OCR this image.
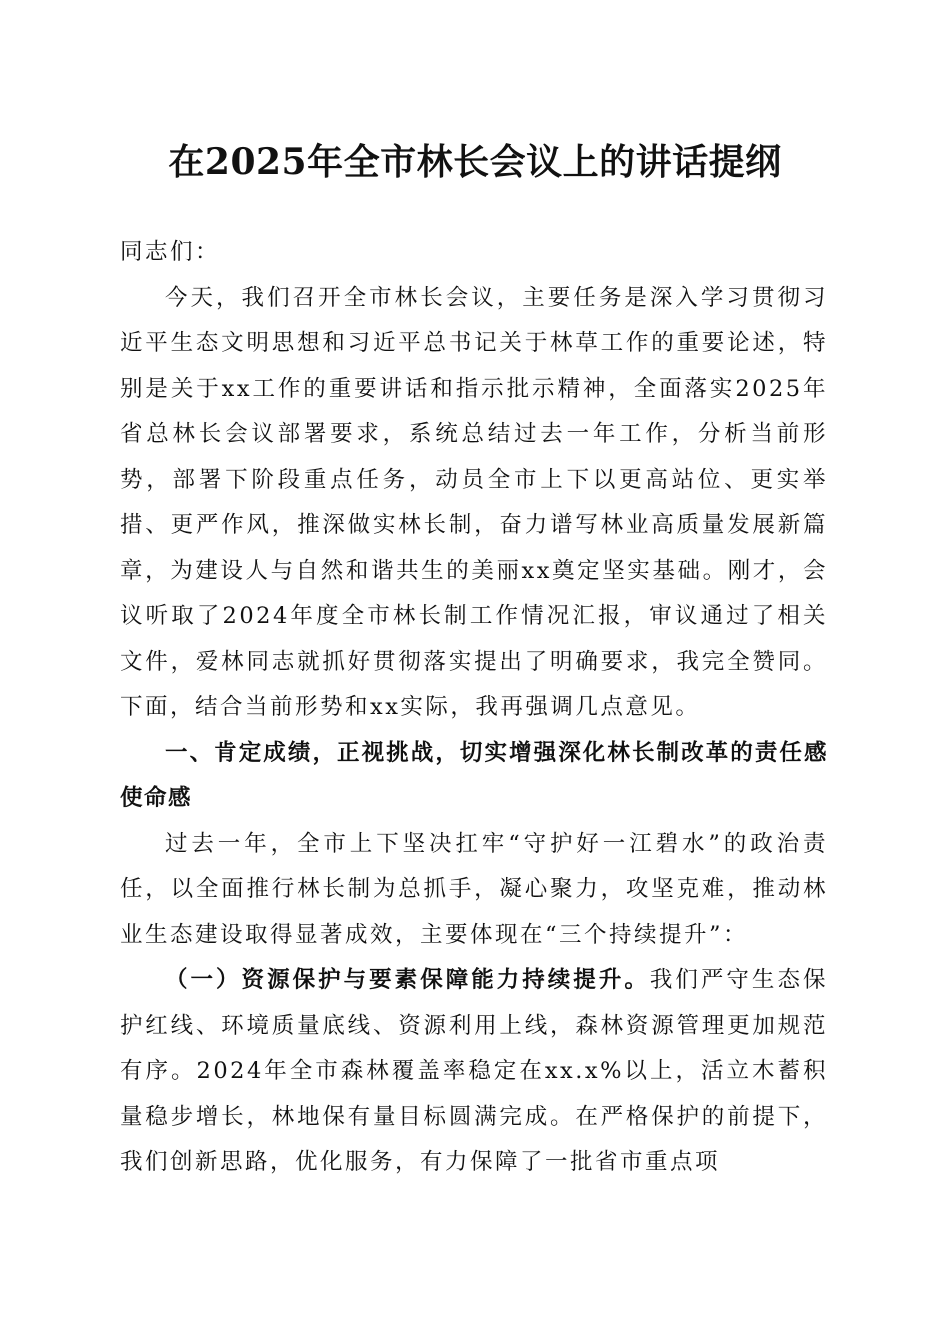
在2025年全市林长会议上的讲话提纲

同志们：

今天，我们召开全市林长会议，主要任务是深入学习贯彻习近平生态文明思想和习近平总书记关于林草工作的重要论述，特别是关于xx工作的重要讲话和指示批示精神，全面落实2025年省总林长会议部署要求，系统总结过去一年工作，分析当前形势，部署下阶段重点任务，动员全市上下以更高站位、更实举措、更严作风，推深做实林长制，奋力谱写林业高质量发展新篇章，为建设人与自然和谐共生的美丽xx奠定坚实基础。刚才，会议听取了2024年度全市林长制工作情况汇报，审议通过了相关文件，爱林同志就抓好贯彻落实提出了明确要求，我完全赞同。下面，结合当前形势和xx实际，我再强调几点意见。

一、肯定成绩，正视挑战，切实增强深化林长制改革的责任感使命感

过去一年，全市上下坚决扛牢“守护好一江碧水”的政治责任，以全面推行林长制为总抓手，凝心聚力，攻坚克难，推动林业生态建设取得显著成效，主要体现在“三个持续提升”：

（一）资源保护与要素保障能力持续提升。我们严守生态保护红线、环境质量底线、资源利用上线，森林资源管理更加规范有序。2024年全市森林覆盖率稳定在xx.x%以上，活立木蓄积量稳步增长，林地保有量目标圆满完成。在严格保护的前提下，我们创新思路，优化服务，有力保障了一批省市重点项
